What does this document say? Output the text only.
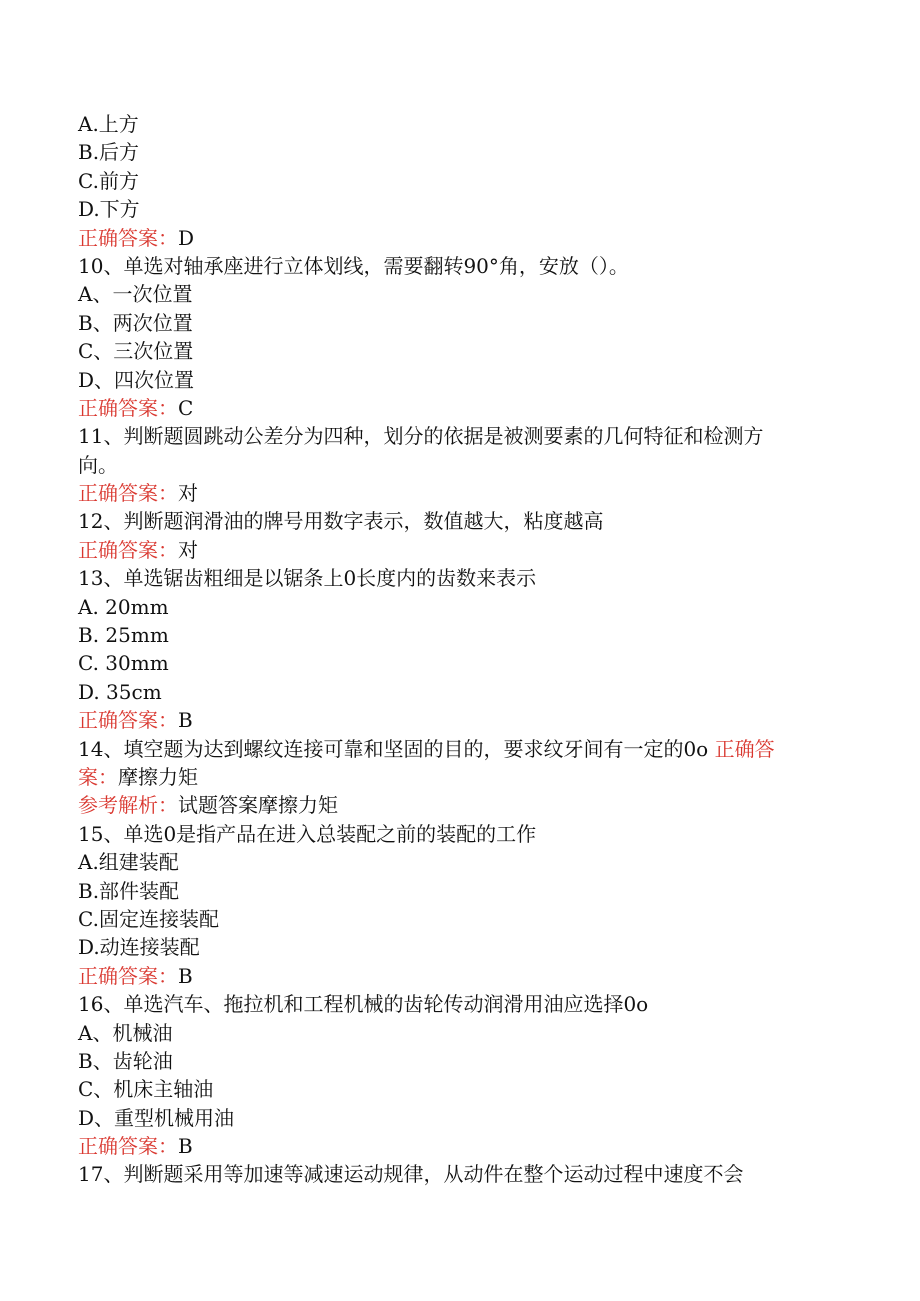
A.上方
B.后方
C.前方
D.下方
正确答案：D
10、单选对轴承座进行立体划线，需要翻转90°角，安放（）。
A、一次位置
B、两次位置
C、三次位置
D、四次位置
正确答案：C
11、判断题圆跳动公差分为四种，划分的依据是被测要素的几何特征和检测方
向。
正确答案：对
12、判断题润滑油的牌号用数字表示，数值越大，粘度越高
正确答案：对
13、单选锯齿粗细是以锯条上0长度内的齿数来表示
A. 20mm
B. 25mm
C. 30mm
D. 35cm
正确答案：B
14、填空题为达到螺纹连接可靠和坚固的目的，要求纹牙间有一定的0o 正确答
案：摩擦力矩
参考解析：试题答案摩擦力矩
15、单选0是指产品在进入总装配之前的装配的工作
A.组建装配
B.部件装配
C.固定连接装配
D.动连接装配
正确答案：B
16、单选汽车、拖拉机和工程机械的齿轮传动润滑用油应选择0o
A、机械油
B、齿轮油
C、机床主轴油
D、重型机械用油
正确答案：B
17、判断题采用等加速等减速运动规律，从动件在整个运动过程中速度不会
